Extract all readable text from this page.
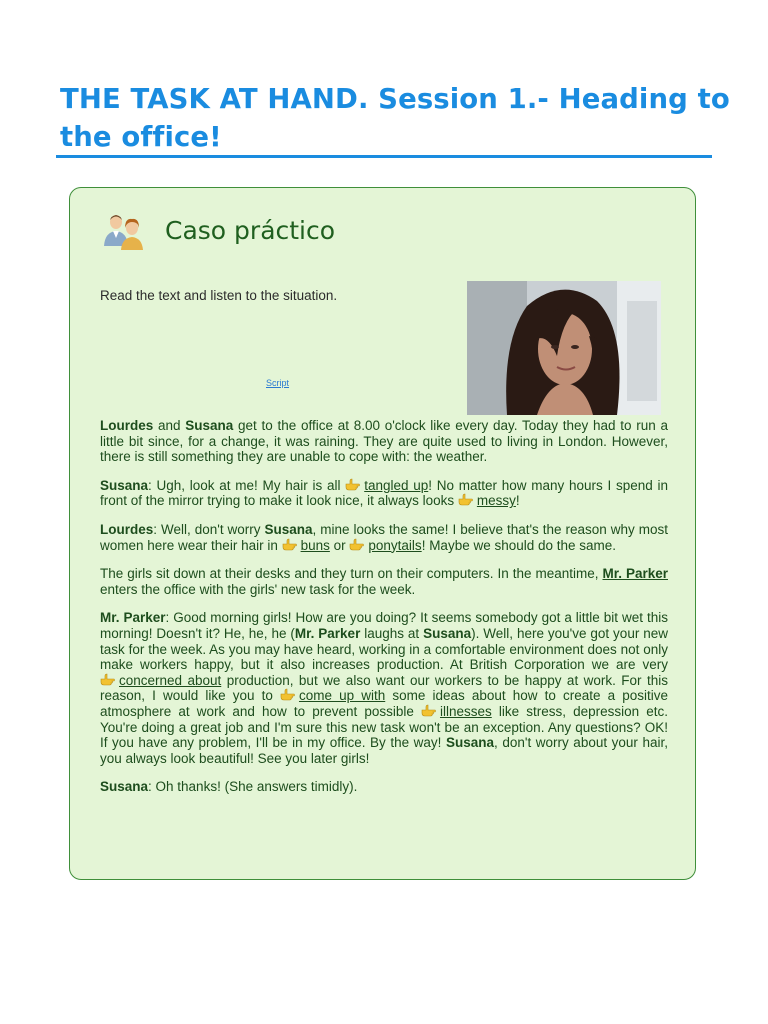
THE TASK AT HAND. Session 1.- Heading to the office!
Caso práctico
Read the text and listen to the situation.
Script

Lourdes and Susana get to the office at 8.00 o'clock like every day. Today they had to run a little bit since, for a change, it was raining. They are quite used to living in London. However, there is still something they are unable to cope with: the weather.

Susana: Ugh, look at me! My hair is all tangled up! No matter how many hours I spend in front of the mirror trying to make it look nice, it always looks messy!

Lourdes: Well, don't worry Susana, mine looks the same! I believe that's the reason why most women here wear their hair in buns or ponytails! Maybe we should do the same.

The girls sit down at their desks and they turn on their computers. In the meantime, Mr. Parker enters the office with the girls' new task for the week.

Mr. Parker: Good morning girls! How are you doing? It seems somebody got a little bit wet this morning! Doesn't it? He, he, he (Mr. Parker laughs at Susana). Well, here you've got your new task for the week. As you may have heard, working in a comfortable environment does not only make workers happy, but it also increases production. At British Corporation we are very concerned about production, but we also want our workers to be happy at work. For this reason, I would like you to come up with some ideas about how to create a positive atmosphere at work and how to prevent possible illnesses like stress, depression etc. You're doing a great job and I'm sure this new task won't be an exception. Any questions? OK! If you have any problem, I'll be in my office. By the way! Susana, don't worry about your hair, you always look beautiful! See you later girls!

Susana: Oh thanks! (She answers timidly).
